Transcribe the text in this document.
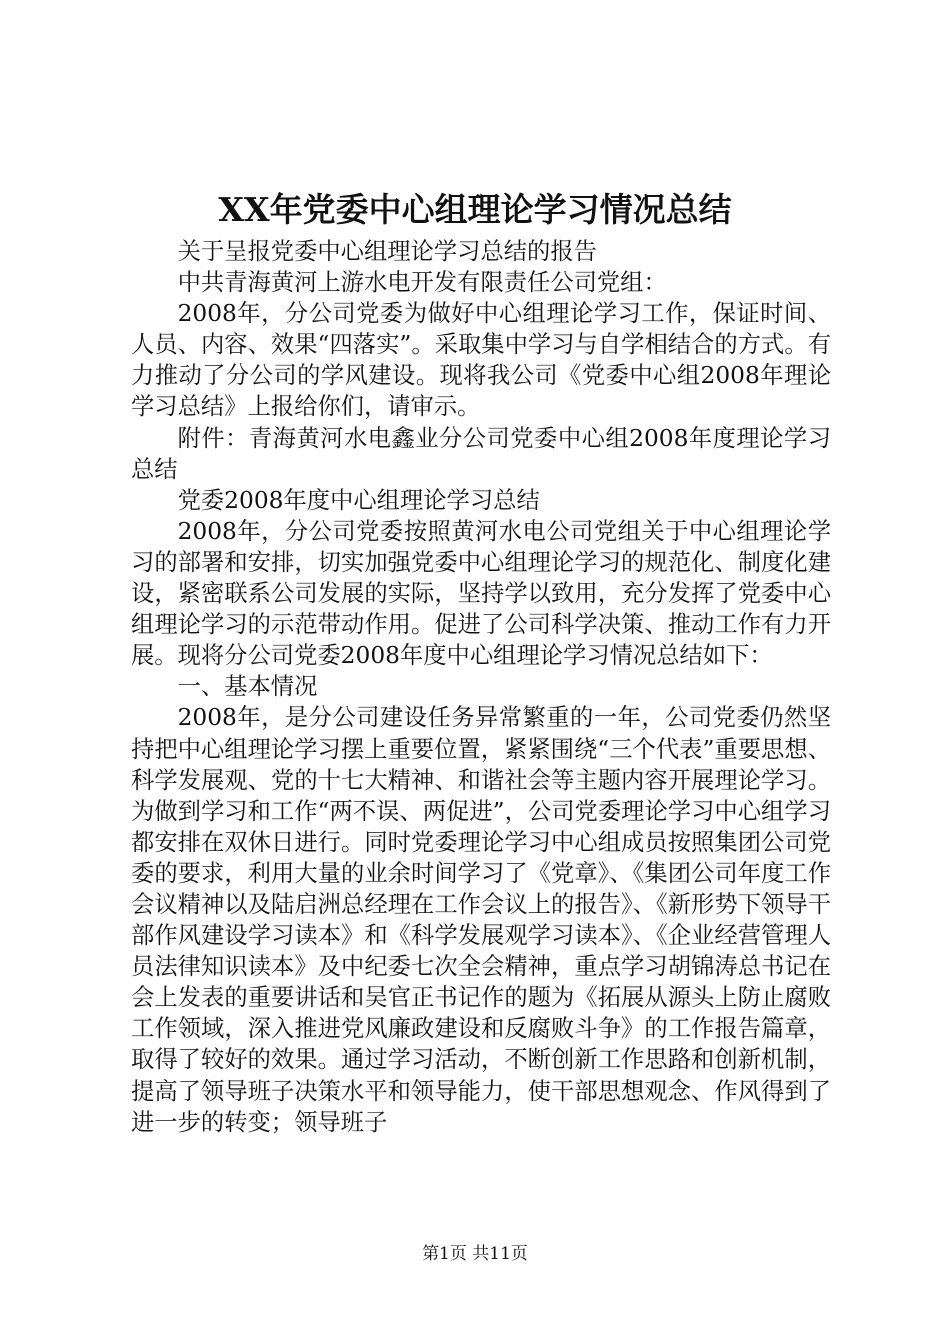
XX年党委中心组理论学习情况总结

关于呈报党委中心组理论学习总结的报告

中共青海黄河上游水电开发有限责任公司党组：

2008年，分公司党委为做好中心组理论学习工作，保证时间、人员、内容、效果“四落实”。采取集中学习与自学相结合的方式。有力推动了分公司的学风建设。现将我公司《党委中心组2008年理论学习总结》上报给你们，请审示。

附件：青海黄河水电鑫业分公司党委中心组2008年度理论学习总结

党委2008年度中心组理论学习总结

2008年，分公司党委按照黄河水电公司党组关于中心组理论学习的部署和安排，切实加强党委中心组理论学习的规范化、制度化建设，紧密联系公司发展的实际，坚持学以致用，充分发挥了党委中心组理论学习的示范带动作用。促进了公司科学决策、推动工作有力开展。现将分公司党委2008年度中心组理论学习情况总结如下：

一、基本情况

2008年，是分公司建设任务异常繁重的一年，公司党委仍然坚持把中心组理论学习摆上重要位置，紧紧围绕“三个代表”重要思想、科学发展观、党的十七大精神、和谐社会等主题内容开展理论学习。为做到学习和工作“两不误、两促进”，公司党委理论学习中心组学习都安排在双休日进行。同时党委理论学习中心组成员按照集团公司党委的要求，利用大量的业余时间学习了《党章》、《集团公司年度工作会议精神以及陆启洲总经理在工作会议上的报告》、《新形势下领导干部作风建设学习读本》和《科学发展观学习读本》、《企业经营管理人员法律知识读本》及中纪委七次全会精神，重点学习胡锦涛总书记在会上发表的重要讲话和吴官正书记作的题为《拓展从源头上防止腐败工作领域，深入推进党风廉政建设和反腐败斗争》的工作报告篇章，取得了较好的效果。通过学习活动，不断创新工作思路和创新机制，提高了领导班子决策水平和领导能力，使干部思想观念、作风得到了进一步的转变；领导班子

第1页 共11页
